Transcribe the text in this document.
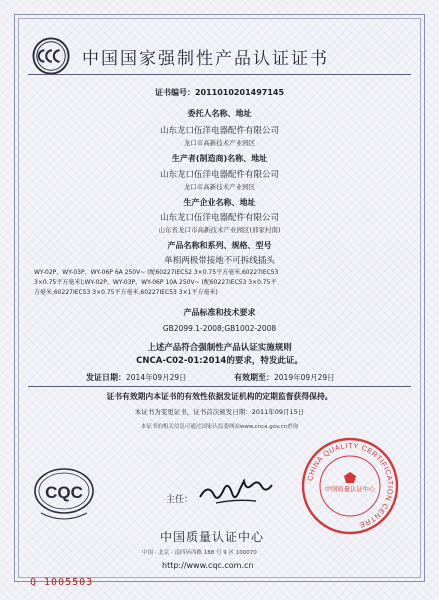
中国国家强制性产品认证证书
证书编号：2011010201497145
委托人名称、地址
山东龙口伍洋电器配件有限公司
龙口市高新技术产业园区
生产者(制造商)名称、地址
山东龙口伍洋电器配件有限公司
龙口市高新技术产业园区
生产企业名称、地址
山东龙口伍洋电器配件有限公司
山东省龙口市高新技术产业园区(邢家村南)
产品名称和系列、规格、型号
单相两极带接地不可拆线插头
WY-02P、WY-03P、WY-06P 6A 250V~ (配60227IEC52 3×0.75平方毫米,60227IEC53
3×0.75平方毫米);WY-02P、WY-03P、WY-06P 10A 250V~ (配60227IEC53 3×0.75平
方毫米,60227IEC53 3×0.75平方毫米,60227IEC53 3×1平方毫米)
产品标准和技术要求
GB2099.1-2008;GB1002-2008
上述产品符合强制性产品认证实施规则
CNCA-C02-01:2014的要求，特发此证。
发证日期：2014年09月29日	有效期至：2019年09月29日
证书有效期内本证书的有效性依据发证机构的定期监督获得保持。
本证书为变更证书，证书首次颁发日期：2011年09月15日
本证书的相关信息可通过国家认监委网站www.cnca.gov.cn查询
CQC
CHINA QUALITY CERTIFICATION CENTRE
中国质量认证中心
主任：
中国质量认证中心
中国 · 北京 · 南四环西路 188 号 9 区 100070
http://www.cqc.com.cn
Q 1005503
